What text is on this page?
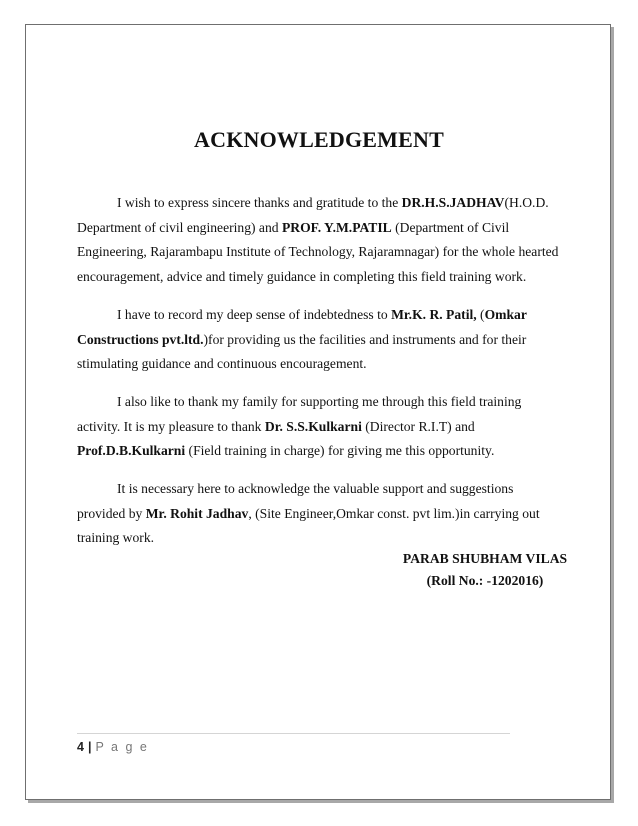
ACKNOWLEDGEMENT

I wish to express sincere thanks and gratitude to the DR.H.S.JADHAV(H.O.D. Department of civil engineering) and PROF. Y.M.PATIL (Department of Civil Engineering, Rajarambapu Institute of Technology, Rajaramnagar) for the whole hearted encouragement, advice and timely guidance in completing this field training work.

I have to record my deep sense of indebtedness to Mr.K. R. Patil, (Omkar Constructions pvt.ltd.)for providing us the facilities and instruments and for their stimulating guidance and continuous encouragement.

I also like to thank my family for supporting me through this field training activity. It is my pleasure to thank Dr. S.S.Kulkarni (Director R.I.T) and Prof.D.B.Kulkarni (Field training in charge) for giving me this opportunity.

It is necessary here to acknowledge the valuable support and suggestions provided by Mr. Rohit Jadhav, (Site Engineer,Omkar const. pvt lim.)in carrying out training work.

PARAB SHUBHAM VILAS
(Roll No.: -1202016)
4 | P a g e
